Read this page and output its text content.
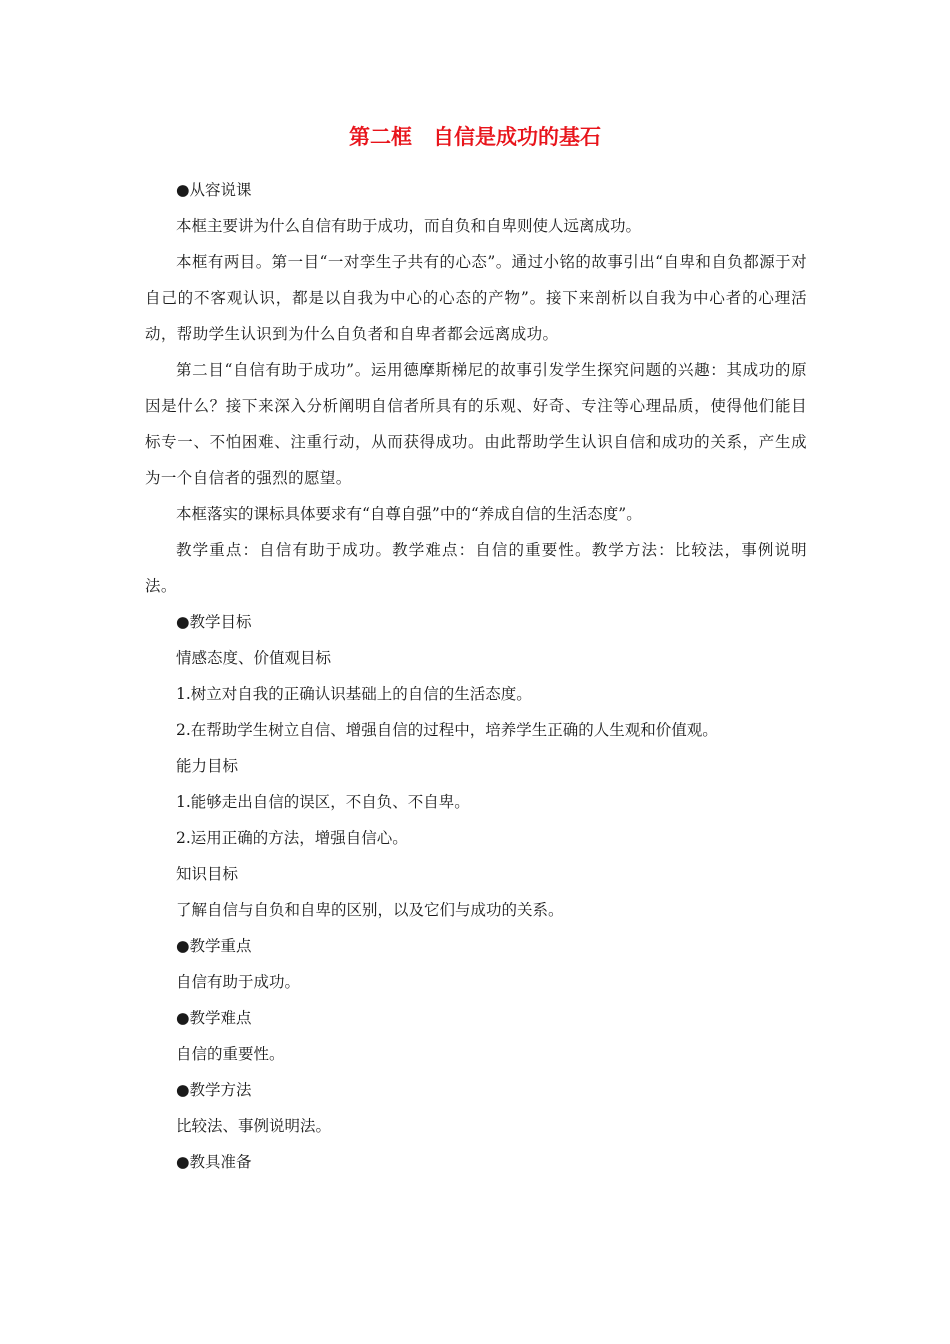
第二框　自信是成功的基石

●从容说课

本框主要讲为什么自信有助于成功，而自负和自卑则使人远离成功。

本框有两目。第一目“一对孪生子共有的心态”。通过小铭的故事引出“自卑和自负都源于对自己的不客观认识，都是以自我为中心的心态的产物”。接下来剖析以自我为中心者的心理活动，帮助学生认识到为什么自负者和自卑者都会远离成功。

第二目“自信有助于成功”。运用德摩斯梯尼的故事引发学生探究问题的兴趣：其成功的原因是什么？接下来深入分析阐明自信者所具有的乐观、好奇、专注等心理品质，使得他们能目标专一、不怕困难、注重行动，从而获得成功。由此帮助学生认识自信和成功的关系，产生成为一个自信者的强烈的愿望。

本框落实的课标具体要求有“自尊自强”中的“养成自信的生活态度”。

教学重点：自信有助于成功。教学难点：自信的重要性。教学方法：比较法，事例说明法。

●教学目标

情感态度、价值观目标

1.树立对自我的正确认识基础上的自信的生活态度。

2.在帮助学生树立自信、增强自信的过程中，培养学生正确的人生观和价值观。

能力目标

1.能够走出自信的误区，不自负、不自卑。

2.运用正确的方法，增强自信心。

知识目标

了解自信与自负和自卑的区别，以及它们与成功的关系。

●教学重点

自信有助于成功。

●教学难点

自信的重要性。

●教学方法

比较法、事例说明法。

●教具准备
